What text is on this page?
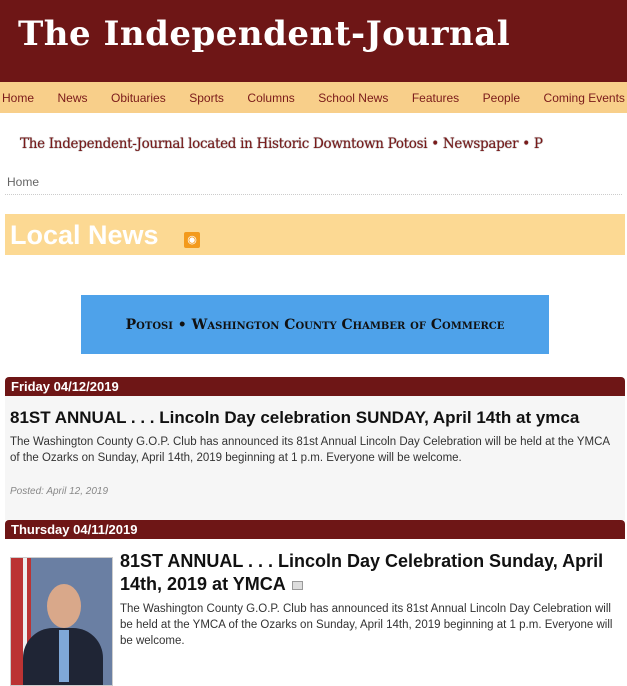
The Independent-Journal
Home News Obituaries Sports Columns School News Features People Coming Events
The Independent-Journal located in Historic Downtown Potosi • Newspaper • P
Home
Local News	◉
Potosi • Washington County Chamber of Commerce
Friday 04/12/2019
81ST ANNUAL . . . Lincoln Day celebration SUNDAY, April 14th at ymca
The Washington County G.O.P. Club has announced its 81st Annual Lincoln Day Celebration will be held at the YMCA of the Ozarks on Sunday, April 14th, 2019 beginning at 1 p.m. Everyone will be welcome.
Posted: April 12, 2019
Thursday 04/11/2019
81ST ANNUAL . . . Lincoln Day Celebration Sunday, April 14th, 2019 at YMCA
The Washington County G.O.P. Club has announced its 81st Annual Lincoln Day Celebration will be held at the YMCA of the Ozarks on Sunday, April 14th, 2019 beginning at 1 p.m. Everyone will be welcome.
